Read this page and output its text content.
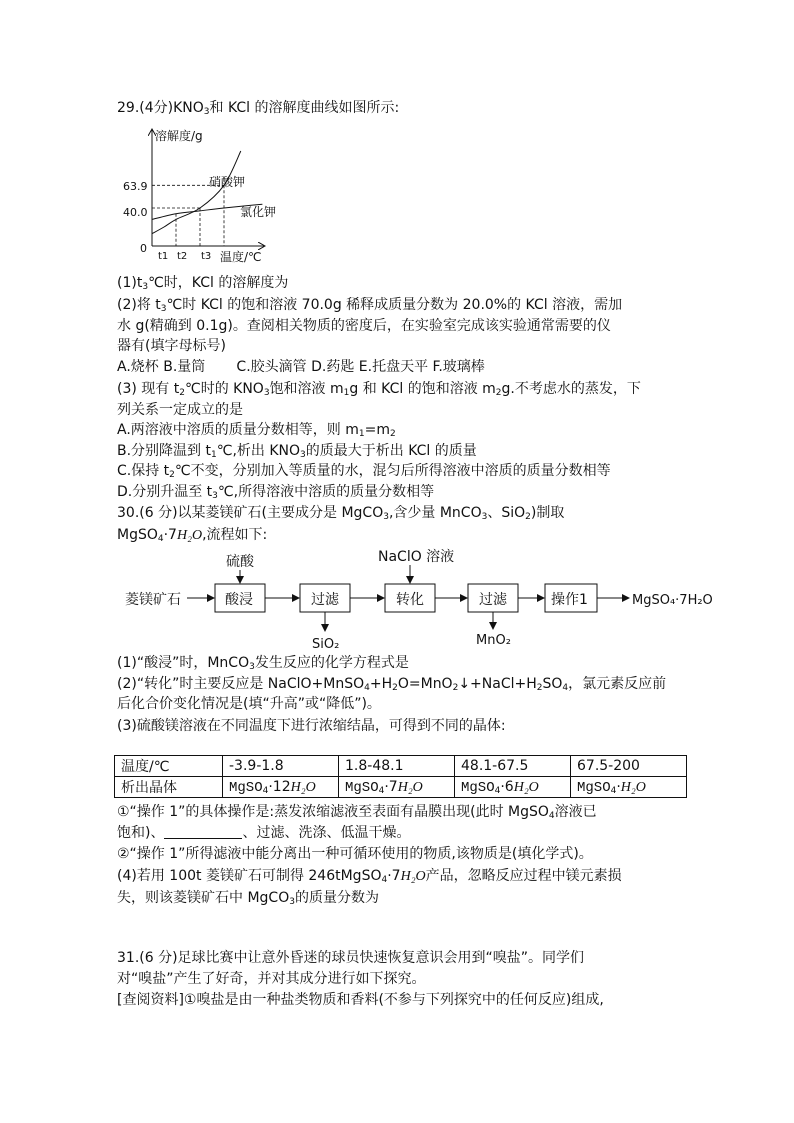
29.(4分)$KNO_3$和 KCl 的溶解度曲线如图所示:
溶解度/g
63.9
40.0
0
t1 t2 t3 温度/℃
硝酸钾
氯化钾
$(1)t_3℃$时，KCl 的溶解度为
(2)将 $t_3℃$时 KCl 的饱和溶液 70.0g 稀释成质量分数为 20.0%的 KCl 溶液，需加
水 g(精确到 0.1g)。查阅相关物质的密度后，在实验室完成该实验通常需要的仪
器有(填字母标号)
A.烧杯 B.量筒       C.胶头滴管 D.药匙 E.托盘天平 F.玻璃棒
(3) 现有 $t_2℃$时的 $KNO_3$饱和溶液 $m_1g$ 和 KCl 的饱和溶液 $m_2g$.不考虑水的蒸发，下
列关系一定成立的是
A.两溶液中溶质的质量分数相等，则 $m_1=m_2$
B.分别降温到 $t_1℃$,析出 $KNO_3$的质最大于析出 KCl 的质量
C.保持 $t_2℃$不变，分别加入等质量的水，混匀后所得溶液中溶质的质量分数相等
D.分别升温至 $t_3℃$,所得溶液中溶质的质量分数相等
30.(6 分)以某菱镁矿石(主要成分是 MgCO$_3$,含少量 MnCO$_3$、SiO$_2$)制取
MgSO$_4$·7H₂O,流程如下:
菱镁矿石	酸浸	过滤	转化	过滤	操作1	MgSO₄·7H₂O
硫酸	NaClO 溶液
SiO₂	MnO₂
(1)“酸浸”时，MnCO$_3$发生反应的化学方程式是
(2)“转化”时主要反应是 $NaClO+MnSO_4+H_2O=MnO_2↓+NaCl+H_2SO_4$，氯元素反应前
后化合价变化情况是(填“升高”或“降低”)。
(3)硫酸镁溶液在不同温度下进行浓缩结晶，可得到不同的晶体:
温度/℃	-3.9-1.8	1.8-48.1	48.1-67.5	67.5-200
析出晶体	MgSO$_4$·12H₂O	MgSO$_4$·7H₂O	MgSO$_4$·6H₂O	MgSO$_4$·H₂O
①“操作 1”的具体操作是:蒸发浓缩滤液至表面有晶膜出现(此时 MgSO$_4$溶液已
饱和)、	、过滤、洗涤、低温干燥。
②“操作 1”所得滤液中能分离出一种可循环使用的物质,该物质是(填化学式)。
(4)若用 100t 菱镁矿石可制得 246tMgSO$_4$·7H₂O产品，忽略反应过程中镁元素损
失，则该菱镁矿石中 MgCO$_3$的质量分数为
31.(6 分)足球比赛中让意外昏迷的球员快速恢复意识会用到“嗅盐”。同学们
对“嗅盐”产生了好奇，并对其成分进行如下探究。
[查阅资料]①嗅盐是由一种盐类物质和香料(不参与下列探究中的任何反应)组成,
